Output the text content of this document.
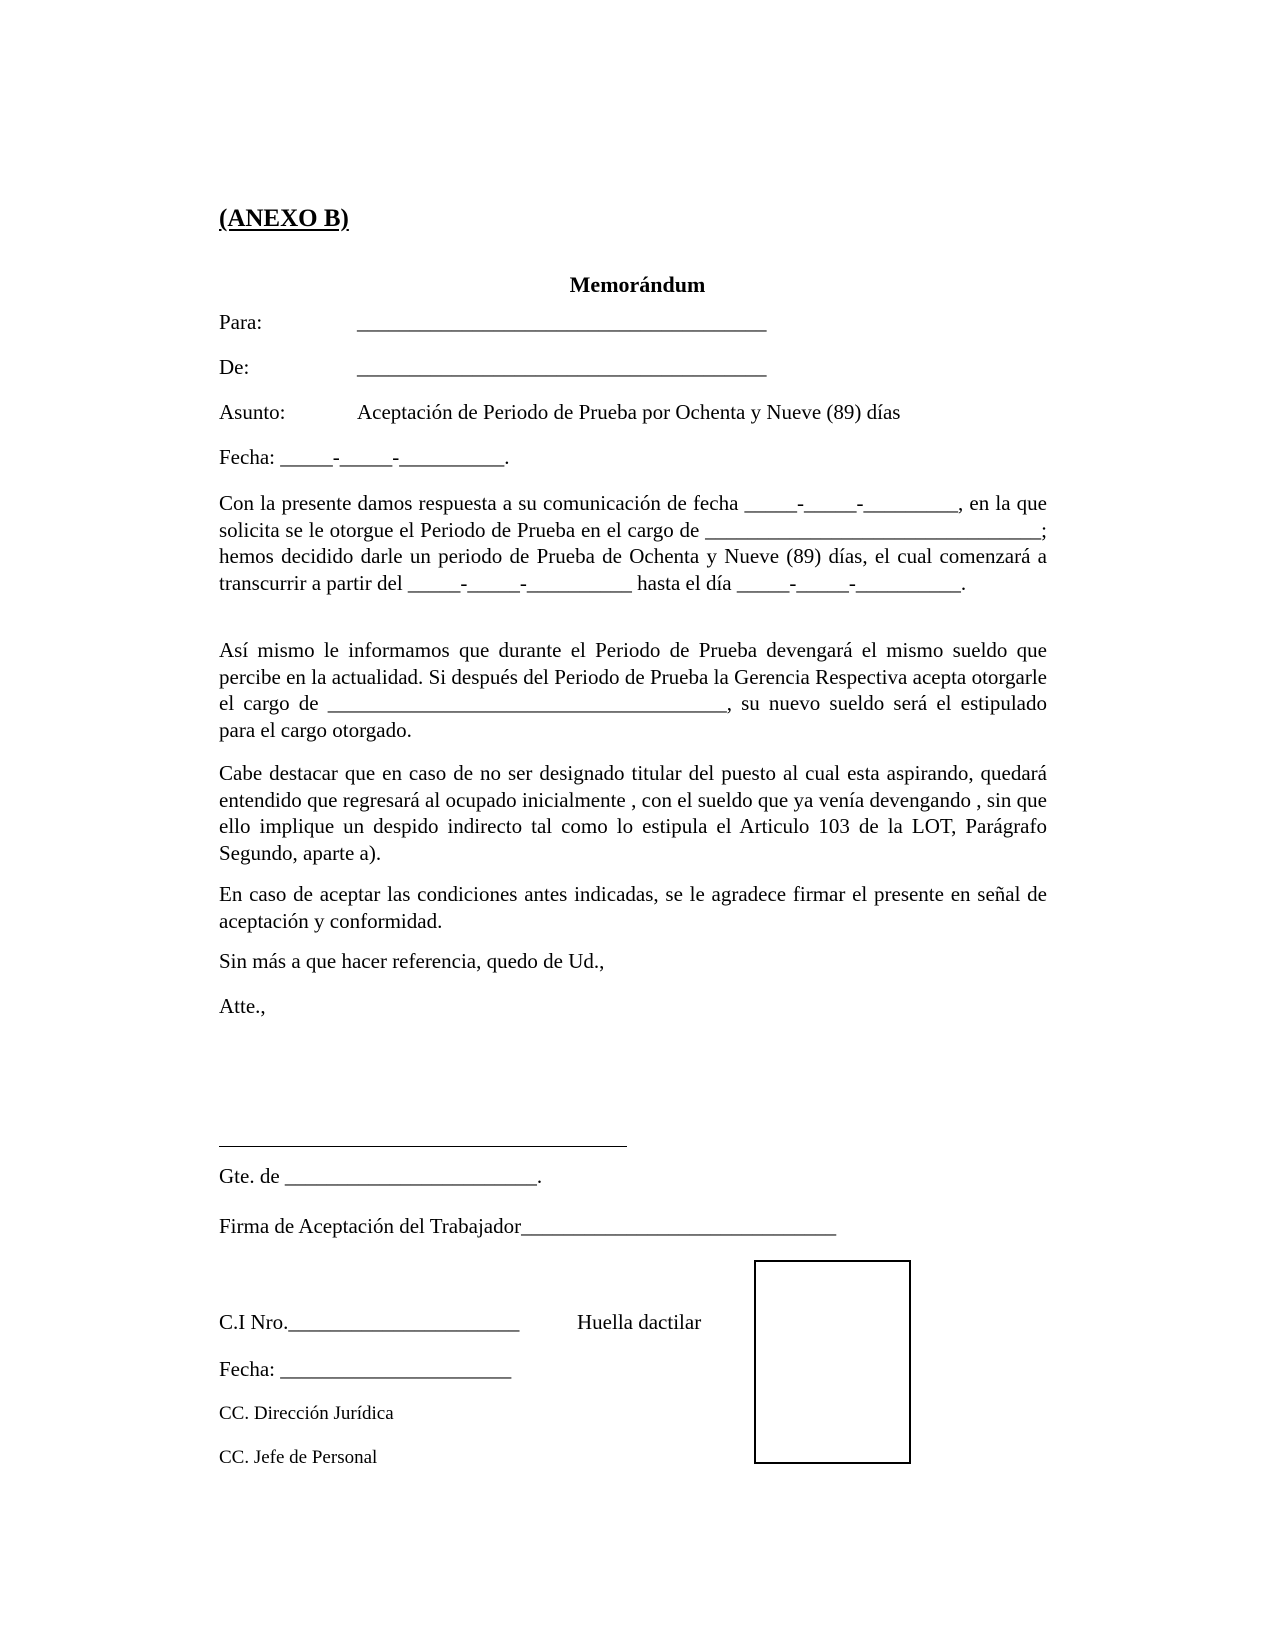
(ANEXO B)
Memorándum
Para:	_______________________________________
De:	_______________________________________
Asunto:	Aceptación de Periodo de Prueba por Ochenta y Nueve (89) días
Fecha: _____-_____-__________.
Con la presente damos respuesta a su comunicación de fecha _____-_____-_________, en la que solicita se le otorgue el Periodo de Prueba en el cargo de ________________________________; hemos decidido darle un periodo de Prueba de Ochenta y Nueve (89) días, el cual comenzará a transcurrir a partir del _____-_____-__________ hasta el día _____-_____-__________.
Así mismo le informamos que durante el Periodo de Prueba devengará el mismo sueldo que percibe en la actualidad. Si después del Periodo de Prueba la Gerencia Respectiva acepta otorgarle el cargo de ______________________________________, su nuevo sueldo será el estipulado para el cargo otorgado.
Cabe destacar que en caso de no ser designado titular del puesto al cual esta aspirando, quedará entendido que regresará al ocupado inicialmente , con el sueldo que ya venía devengando , sin que ello implique un despido indirecto tal como lo estipula el Articulo 103 de la LOT, Parágrafo Segundo, aparte a).
En caso de aceptar las condiciones antes indicadas, se le agradece firmar el presente en señal de aceptación y conformidad.
Sin más a que hacer referencia, quedo de Ud.,
Atte.,
Gte. de ________________________.
Firma de Aceptación del Trabajador______________________________
C.I Nro.______________________	Huella dactilar
Fecha: ______________________
CC. Dirección Jurídica
CC. Jefe de Personal
